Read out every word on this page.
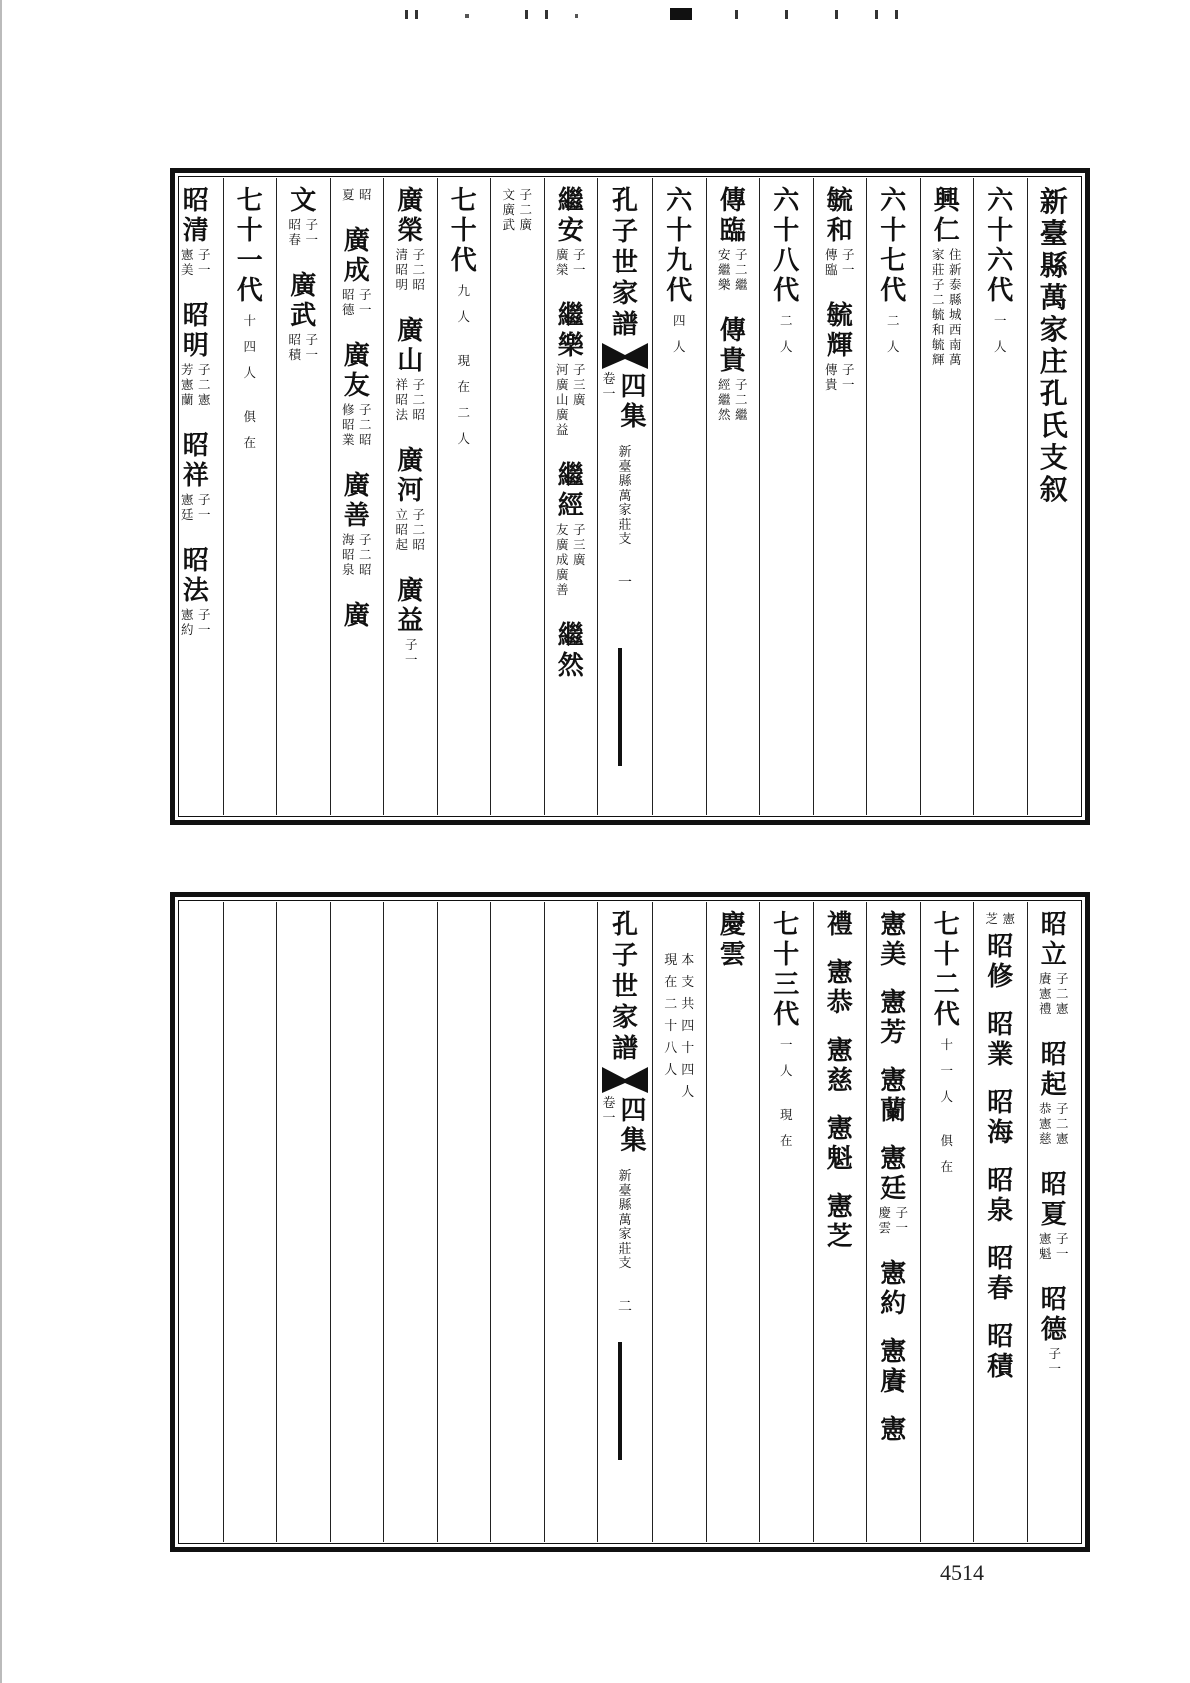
新
臺
縣
萬
家
庄
孔
氏
支
叙
六
十
六
代
一
人
興
仁
住
新
泰
縣
城
西
南
萬
家
莊
子
二
毓
和
毓
輝
六
十
七
代
二
人
毓
和
子
一
傳
臨
毓
輝
子
一
傳
貴
六
十
八
代
二
人
傳
臨
子
二
繼
安
繼
樂
傳
貴
子
二
繼
經
繼
然
六
十
九
代
四
人
孔
子
世
家
譜
四
集
卷
一
新
臺
縣
萬
家
莊
支
一
繼
安
子
一
廣
榮
繼
樂
子
三
廣
河
廣
山
廣
益
繼
經
子
三
廣
友
廣
成
廣
善
繼
然
子
二
廣
文
廣
武
七
十
代
九
人
現
在
二
人
廣
榮
子
二
昭
清
昭
明
廣
山
子
二
昭
祥
昭
法
廣
河
子
二
昭
立
昭
起
廣
益
子
一
昭
夏
廣
成
子
一
昭
德
廣
友
子
二
昭
修
昭
業
廣
善
子
二
昭
海
昭
泉
廣
文
子
一
昭
春
廣
武
子
一
昭
積
七
十
一
代
十
四
人
俱
在
昭
清
子
一
憲
美
昭
明
子
二
憲
芳
憲
蘭
昭
祥
子
一
憲
廷
昭
法
子
一
憲
約
昭
立
子
二
憲
賡
憲
禮
昭
起
子
二
憲
恭
憲
慈
昭
夏
子
一
憲
魁
昭
德
子
一
憲
芝
昭
修
昭
業
昭
海
昭
泉
昭
春
昭
積
七
十
二
代
十
一
人
俱
在
憲
美
憲
芳
憲
蘭
憲
廷
子
一
慶
雲
憲
約
憲
賡
憲
禮
憲
恭
憲
慈
憲
魁
憲
芝
七
十
三
代
一
人
現
在
慶
雲
本
支
共
四
十
四
人
現
在
二
十
八
人
孔
子
世
家
譜
四
集
卷
一
新
臺
縣
萬
家
莊
支
二
4514
